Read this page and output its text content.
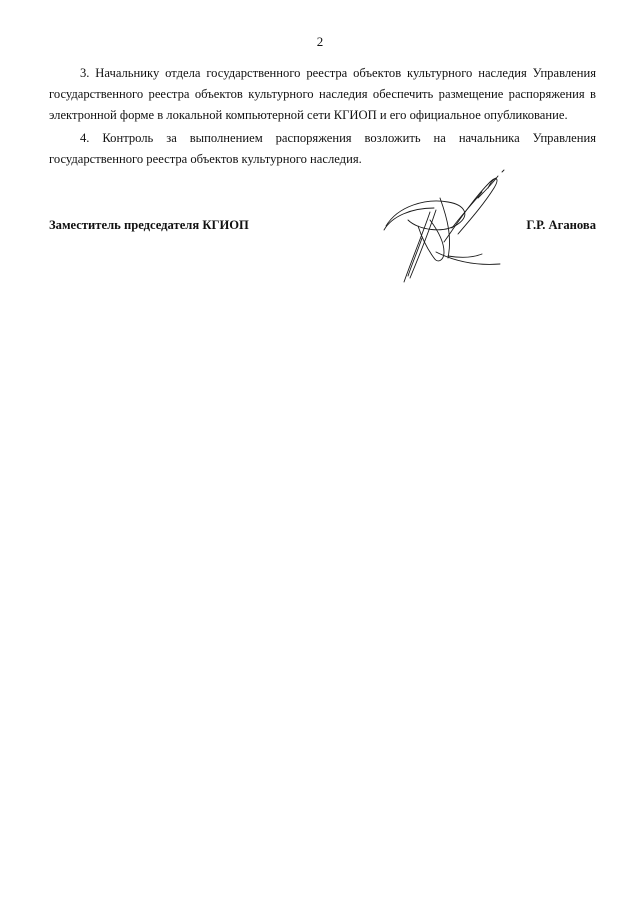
2

3. Начальнику отдела государственного реестра объектов культурного наследия Управления государственного реестра объектов культурного наследия обеспечить размещение распоряжения в электронной форме в локальной компьютерной сети КГИОП и его официальное опубликование.

4. Контроль за выполнением распоряжения возложить на начальника Управления государственного реестра объектов культурного наследия.

Заместитель председателя КГИОП	Г.Р. Аганова
